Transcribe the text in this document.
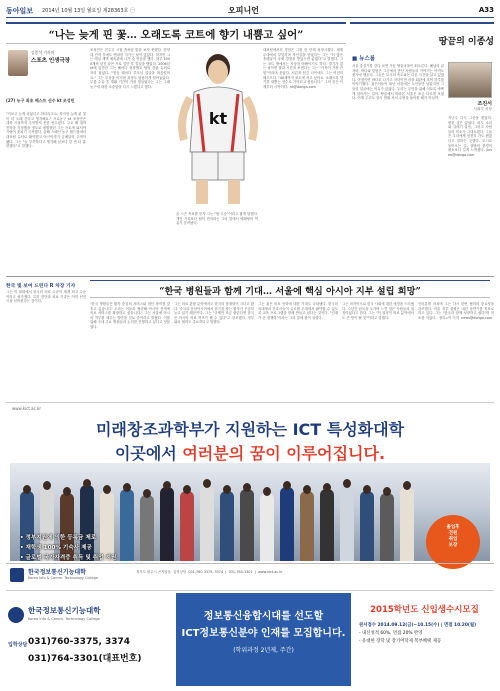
동아일보 2014년 10월 13일 월요일 제28363호 ㊀	오피니언	A33
“나는 늦게 핀 꽃… 오래도록 코트에 향기 내뿜고 싶어”
김종석 기자의
스포츠 인생극장
(27) 농구 최초 베스트 선수 kt 조성민
"저보고 늦게 피었다고 하더라고요. 하지만 늦게 핀 꽃이 더 오래 간다고 생각해요." 프로농구 kt 조성민은 대학 시절까지 주목받지 못한 선수였다. 고교 때 대학 진학을 걱정했을 정도로 평범했던 그는 프로에 와서야 기량이 꽃피기 시작했다. 올해 스페인 농구 월드컵에서 대표팀 슈터로 활약했고 아시아경기 금메달의 주역이 됐다. 그는 "늘 부족하다고 생각해 남보다 한 번 더 훈련했다"고 말했다.
조성민은 전주고 시절 좀처럼 빛을 보지 못했다. 한양대 진학 후에도 벤치를 지키는 날이 많았다. 하지만 그는 매일 새벽 체육관에 나가 슛 연습을 했다. 하루 1000개씩 던진 슛은 프로 입단 후 결실을 맺었다. 2006년 kt에 입단한 그는 해마다 성장했고 팀의 간판 슈터로 자리 잡았다. "힘들 때마다 부모님 얼굴을 떠올렸어요." 그는 부상을 이겨낸 과정도 담담하게 털어놓았다. 무릎 수술 후 재활 기간이 가장 힘들었다는 그는 그때 농구에 대한 소중함을 다시 느꼈다고 했다.
kt
올 시즌 목표를 묻자 그는 "팀 우승"이라고 짧게 답했다. 개인 기록보다 팀이 먼저라는 그의 말에서 베테랑의 여유가 묻어났다.
대표팀에서의 경험은 그를 한 단계 성장시켰다. 세계 무대에서 부딪히며 자신감을 얻었다는 그는 "더 많은 후배들이 국제 경험을 쌓았으면 좋겠다"고 말했다. 그는 코트 밖에서는 자상한 아빠이기도 하다. 경기가 없는 날이면 딸과 시간을 보낸다는 그는 "가족이 가장 큰 힘"이라며 웃었다. 서른을 넘긴 나이에도 그는 여전히 배고프다. "40세까지 코트에 서고 싶어요. 오래도록 향기를 내뿜는 선수로 기억되고 싶습니다." 그의 꿈은 이제부터 시작이다.  kt@donga.com
땅끝의 이종성
■ 뉴스룸
서울 중심가를 걷다 보면 가끔 땅끝마을이 떠오른다. 해남의 끝자락, 바다와 맞닿은 그곳에서 만난 사람들의 이야기는 아직도 귓가에 맴돈다. 그들은 도시의 속도와는 다른 시간을 살고 있었다. 아침이면 바다로 나가고 저녁이면 마을 회관에 모여 하루를 이야기했다. 젊은이들이 떠난 마을에는 노인들만 남았지만 그들의 얼굴에는 여유가 있었다. 우리는 무엇을 위해 이토록 바쁘게 살아가는 걸까. 땅끝에서 바라본 서울은 조금 다르게 보였다. 이제 우리도 잠시 멈춰 서서 주변을 돌아볼 때가 아닐까.
조진서
사회부 차장
지난주 다시 그곳을 찾았다. 변한 것은 없었다. 파도 소리와 갈매기 울음, 그리고 사람들의 미소가 그대로였다. 그들은 우리에게 천천히 가도 괜찮다고 말하는 듯했다. 도시로 돌아오는 길, 창밖의 풍경이 평소보다 길게 느껴졌다. jinseo@donga.com
한국 빛 보여 드린다 R 차장 기자	“한국 병원들과 함께 기대… 서울에 핵심 아시아 지부 설립 희망”
그는 이 대화에서 한국의 의료 수준이 세계 최고 수준이라고 평가했다. 특히 진단과 치료 기술은 이미 선진국을 넘어섰다는 것이다.
"한국 병원들은 환자 중심의 서비스와 첨단 장비를 갖추고 있습니다. 우리는 이들과 협력해 아시아 전역에 의료 서비스를 확장하고 싶습니다." 그는 서울에 아시아 지부를 세우는 방안을 검토 중이라고 밝혔다. 이를 위해 국내 주요 병원들과 논의를 진행하고 있다고 덧붙였다.
그는 의료 관광 분야에서도 한국의 잠재력이 크다고 봤다. 중국과 동남아시아에서 한국을 찾는 환자가 꾸준히 늘고 있기 때문이다. 그는 "규제만 조금 풀린다면 한국은 아시아 의료 허브가 될 수 있다"고 강조했다. 정부와의 협력도 중요하다고 말했다.
그는 젊은 의료 인력에 대한 기대도 나타냈다. 한국의 의대생과 간호사들이 글로벌 무대에서 활약할 수 있도록 교육 프로그램을 함께 만들고 싶다는 것이다. "인재가 곧 경쟁력"이라는 그의 말에 힘이 실렸다.
그는 마지막으로 한국 사회에 대한 애정을 드러냈다. 수년간 한국을 오가며 느낀 점은 사람들의 열정이었다고 한다. 그는 "이 열정이 의료 분야에서도 큰 힘이 될 것"이라고 말했다.
인터뷰를 마치며 그는 다시 한번 협력의 중요성을 강조했다. 서울 지부 설립은 내년 상반기를 목표로 하고 있다. 그는 "한국과 함께 성장하고 싶다"며 미소를 지었다.  정리=이 기자  news@donga.com
www.kict.ac.kr
미래창조과학부가 지원하는 ICT 특성화대학
이곳에서 여러분의 꿈이 이루어집니다.
• 정부지원에 의한 등록금 제로
• 재학생 100% 기숙사 제공
• 글로벌 국가자격증 취득 및 취업 지원
졸업후
전원
취업
보장
한국정보통신기능대학
Korea Info & Comm. Technology College
경기도 광주시 곤지암읍  입학상담  031-760-3375, 3374  |  031-764-3301  |  www.kict.ac.kr
한국정보통신기능대학
Korea Info & Comm. Technology College
입학상담 031)760-3375, 3374
031)764-3301(대표번호)
정보통신융합시대를 선도할
ICT정보통신분야 인재를 모집합니다.
(학위과정 2년제, 주간)
2015학년도 신입생수시모집
원서접수 2014.09.12(금)~10.15(수) | 면접 10.20(월)
- 내신성적 60%, 면접 20% 반영
- 유대한 장학 및 장기여학제 복부혜택 제공
